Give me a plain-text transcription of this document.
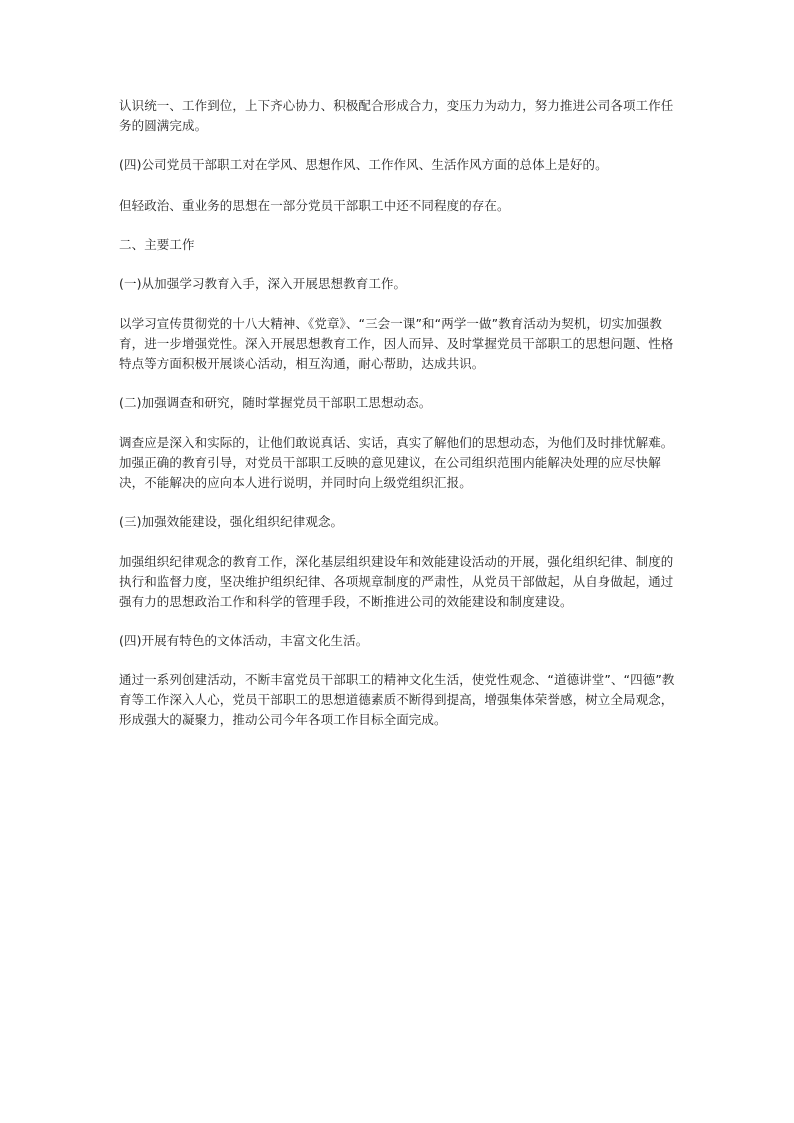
认识统一、工作到位，上下齐心协力、积极配合形成合力，变压力为动力，努力推进公司各项工作任务的圆满完成。

(四)公司党员干部职工对在学风、思想作风、工作作风、生活作风方面的总体上是好的。

但轻政治、重业务的思想在一部分党员干部职工中还不同程度的存在。

二、主要工作

(一)从加强学习教育入手，深入开展思想教育工作。

以学习宣传贯彻党的十八大精神、《党章》、“三会一课”和“两学一做”教育活动为契机，切实加强教育，进一步增强党性。深入开展思想教育工作，因人而异、及时掌握党员干部职工的思想问题、性格特点等方面积极开展谈心活动，相互沟通，耐心帮助，达成共识。

(二)加强调查和研究，随时掌握党员干部职工思想动态。

调查应是深入和实际的，让他们敢说真话、实话，真实了解他们的思想动态，为他们及时排忧解难。加强正确的教育引导，对党员干部职工反映的意见建议，在公司组织范围内能解决处理的应尽快解决，不能解决的应向本人进行说明，并同时向上级党组织汇报。

(三)加强效能建设，强化组织纪律观念。

加强组织纪律观念的教育工作，深化基层组织建设年和效能建设活动的开展，强化组织纪律、制度的执行和监督力度，坚决维护组织纪律、各项规章制度的严肃性，从党员干部做起，从自身做起，通过强有力的思想政治工作和科学的管理手段，不断推进公司的效能建设和制度建设。

(四)开展有特色的文体活动，丰富文化生活。

通过一系列创建活动，不断丰富党员干部职工的精神文化生活，使党性观念、“道德讲堂”、“四德”教育等工作深入人心，党员干部职工的思想道德素质不断得到提高，增强集体荣誉感，树立全局观念，形成强大的凝聚力，推动公司今年各项工作目标全面完成。
